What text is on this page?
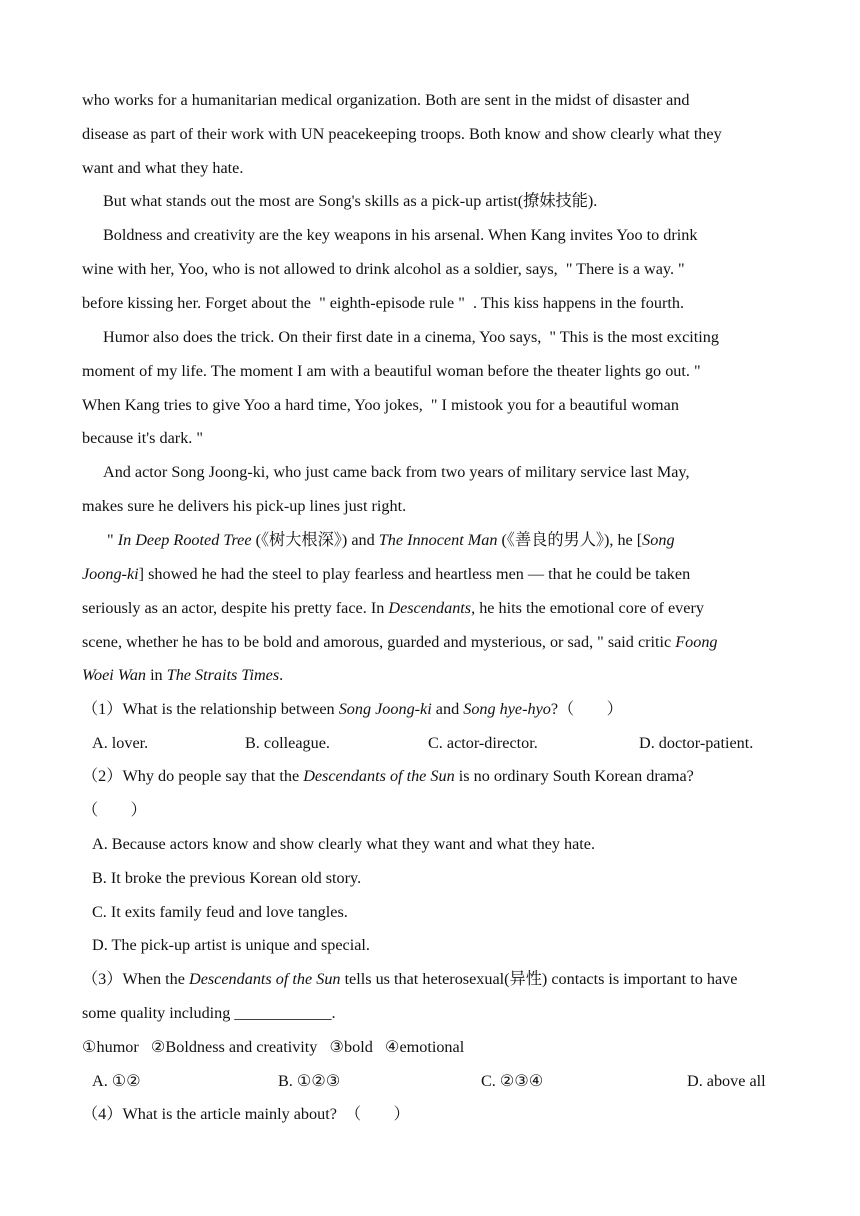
who works for a humanitarian medical organization. Both are sent in the midst of disaster and
disease as part of their work with UN peacekeeping troops. Both know and show clearly what they
want and what they hate.
But what stands out the most are Song's skills as a pick-up artist(撩妹技能).
Boldness and creativity are the key weapons in his arsenal. When Kang invites Yoo to drink
wine with her, Yoo, who is not allowed to drink alcohol as a soldier, says,  " There is a way. "
before kissing her. Forget about the  " eighth-episode rule "  . This kiss happens in the fourth.
Humor also does the trick. On their first date in a cinema, Yoo says,  " This is the most exciting
moment of my life. The moment I am with a beautiful woman before the theater lights go out. "
When Kang tries to give Yoo a hard time, Yoo jokes,  " I mistook you for a beautiful woman
because it's dark. "
And actor Song Joong-ki, who just came back from two years of military service last May,
makes sure he delivers his pick-up lines just right.
" In Deep Rooted Tree (《树大根深》) and The Innocent Man (《善良的男人》), he [Song
Joong-ki] showed he had the steel to play fearless and heartless men — that he could be taken
seriously as an actor, despite his pretty face. In Descendants, he hits the emotional core of every
scene, whether he has to be bold and amorous, guarded and mysterious, or sad, " said critic Foong
Woei Wan in The Straits Times.
（1）What is the relationship between Song Joong-ki and Song hye-hyo?（        ）

A. lover.

	B. colleague.

	C. actor-director.

	D. doctor-patient.

（2）Why do people say that the Descendants of the Sun is no ordinary South Korean drama?
（        ）
A. Because actors know and show clearly what they want and what they hate.
B. It broke the previous Korean old story.
C. It exits family feud and love tangles.
D. The pick-up artist is unique and special.
（3）When the Descendants of the Sun tells us that heterosexual(异性) contacts is important to have
some quality including ____________.
①humor   ②Boldness and creativity   ③bold   ④emotional

A. ①②

	B. ①②③

	C. ②③④

	D. above all

（4）What is the article mainly about?  （        ）
